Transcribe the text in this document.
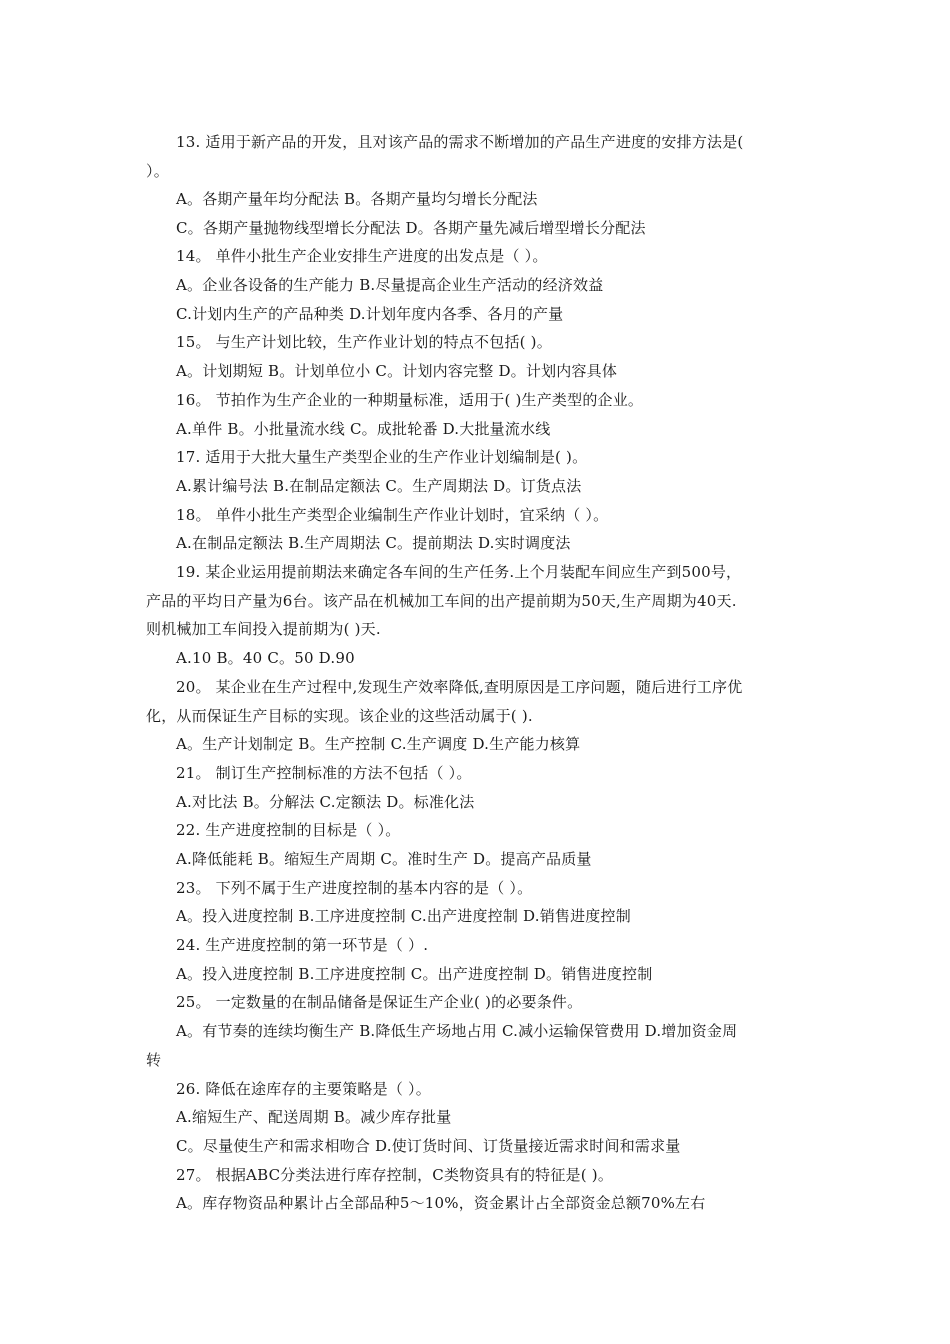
13. 适用于新产品的开发，且对该产品的需求不断增加的产品生产进度的安排方法是(
）。
A。各期产量年均分配法 B。各期产量均匀增长分配法
C。各期产量抛物线型增长分配法 D。各期产量先减后增型增长分配法
14。 单件小批生产企业安排生产进度的出发点是（ ）。
A。企业各设备的生产能力 B.尽量提高企业生产活动的经济效益
C.计划内生产的产品种类 D.计划年度内各季、各月的产量
15。 与生产计划比较，生产作业计划的特点不包括( )。
A。计划期短 B。计划单位小 C。计划内容完整 D。计划内容具体
16。 节拍作为生产企业的一种期量标准，适用于( )生产类型的企业。
A.单件 B。小批量流水线 C。成批轮番 D.大批量流水线
17. 适用于大批大量生产类型企业的生产作业计划编制是( )。
A.累计编号法 B.在制品定额法 C。生产周期法 D。订货点法
18。 单件小批生产类型企业编制生产作业计划时，宜采纳（ ）。
A.在制品定额法 B.生产周期法 C。提前期法 D.实时调度法
19. 某企业运用提前期法来确定各车间的生产任务.上个月装配车间应生产到500号，
产品的平均日产量为6台。该产品在机械加工车间的出产提前期为50天,生产周期为40天.
则机械加工车间投入提前期为( )天.
A.10 B。40 C。50 D.90
20。 某企业在生产过程中,发现生产效率降低,查明原因是工序问题，随后进行工序优
化，从而保证生产目标的实现。该企业的这些活动属于( ).
A。生产计划制定 B。生产控制 C.生产调度 D.生产能力核算
21。 制订生产控制标准的方法不包括（ ）。
A.对比法 B。分解法 C.定额法 D。标准化法
22. 生产进度控制的目标是（ ）。
A.降低能耗 B。缩短生产周期 C。准时生产 D。提高产品质量
23。 下列不属于生产进度控制的基本内容的是（ ）。
A。投入进度控制 B.工序进度控制 C.出产进度控制 D.销售进度控制
24. 生产进度控制的第一环节是（ ）.
A。投入进度控制 B.工序进度控制 C。出产进度控制 D。销售进度控制
25。 一定数量的在制品储备是保证生产企业( )的必要条件。
A。有节奏的连续均衡生产 B.降低生产场地占用 C.减小运输保管费用 D.增加资金周
转
26. 降低在途库存的主要策略是（ ）。
A.缩短生产、配送周期 B。减少库存批量
C。尽量使生产和需求相吻合 D.使订货时间、订货量接近需求时间和需求量
27。 根据ABC分类法进行库存控制，C类物资具有的特征是( )。
A。库存物资品种累计占全部品种5～10%，资金累计占全部资金总额70%左右
